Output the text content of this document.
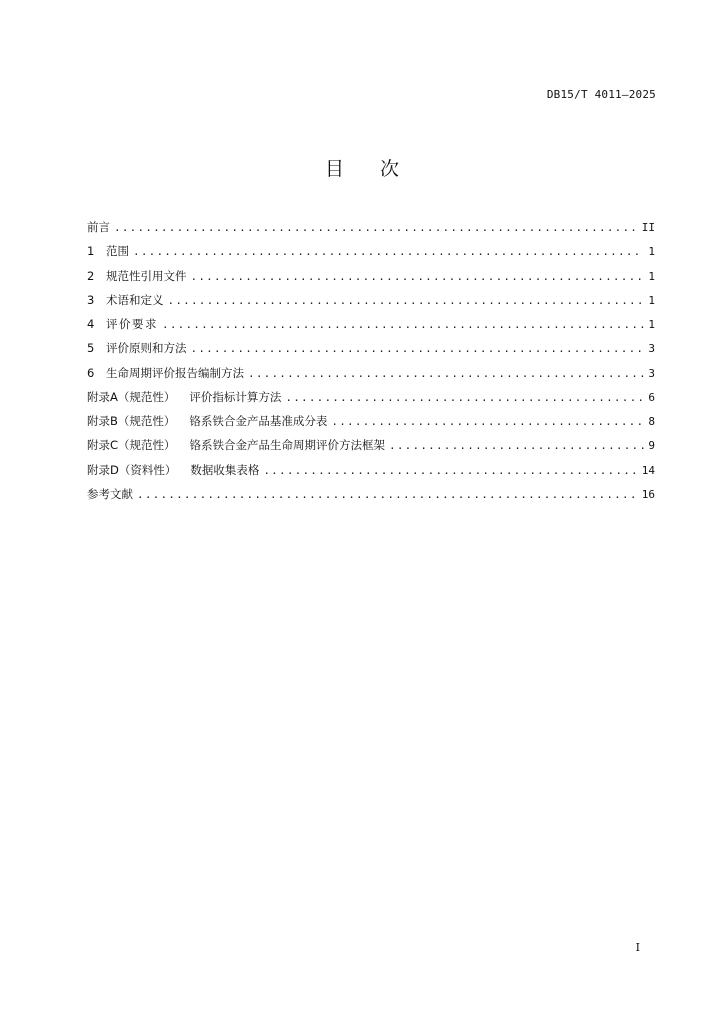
DB15/T 4011—2025
目次
前言 .....	II
1	范围 .....	1
2	规范性引用文件 .....	1
3	术语和定义 .....	1
4	评价要求 .....	1
5	评价原则和方法 .....	3
6	生命周期评价报告编制方法 .....	3
附录A（规范性） 评价指标计算方法 .....	6
附录B（规范性） 铬系铁合金产品基准成分表 .....	8
附录C（规范性） 铬系铁合金产品生命周期评价方法框架 .....	9
附录D（资料性） 数据收集表格 .....	14
参考文献 .....	16
I
